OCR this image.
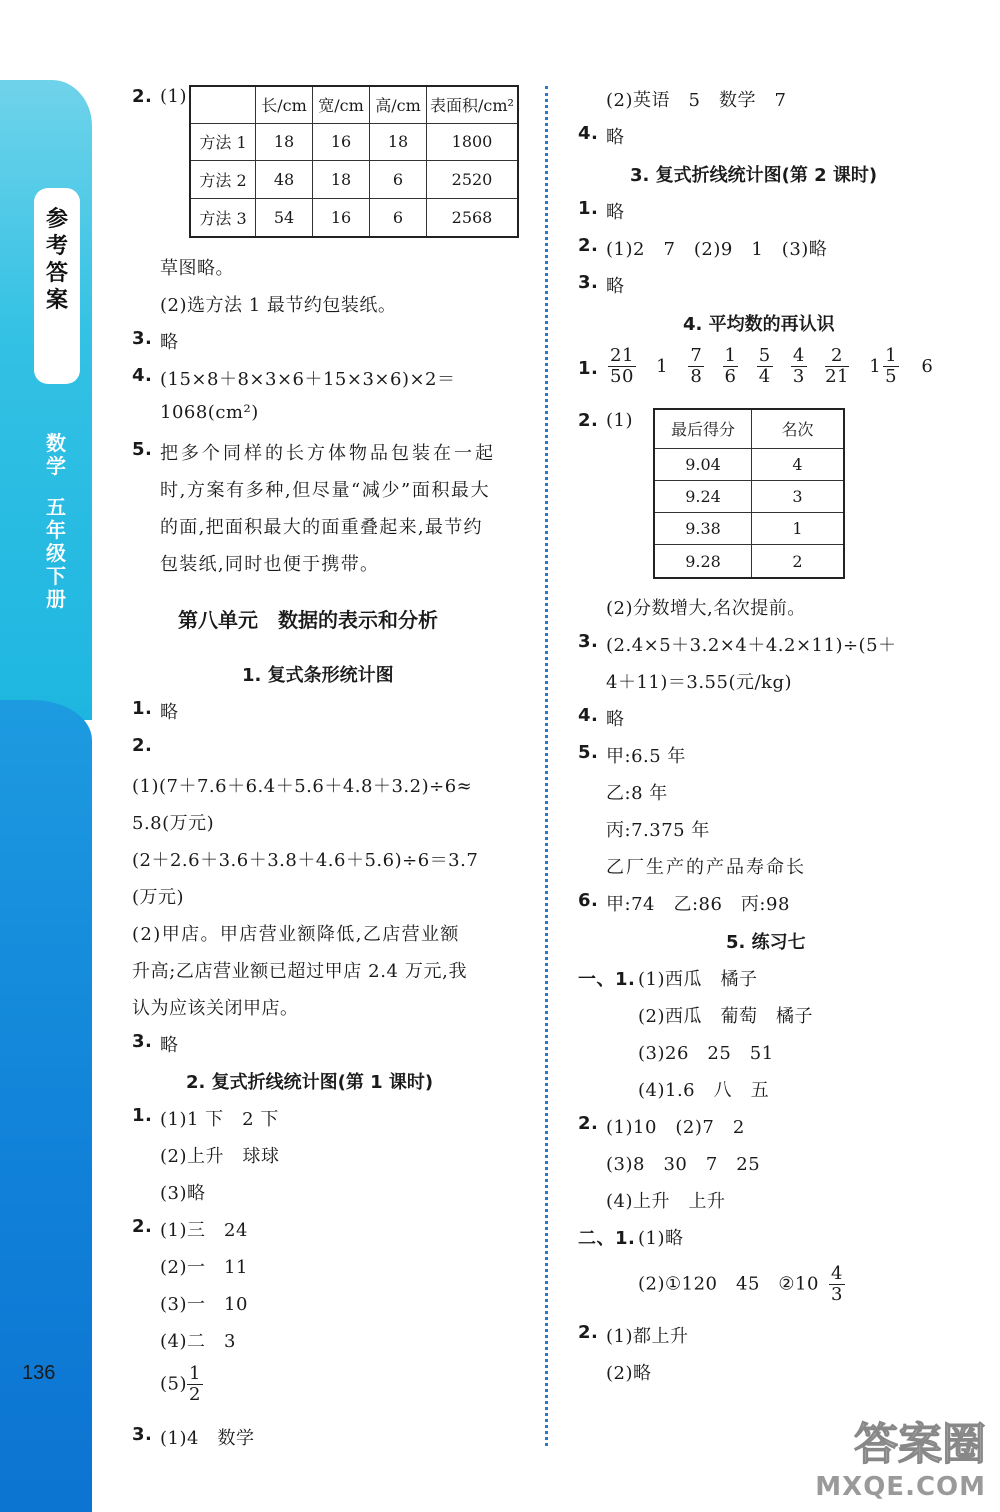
参
考
答
案
数
学
五
年
级
下
册
136
2. (1)
		长/cm	宽/cm	高/cm	表面积/cm²
方法 1	18	16	18	1800
方法 2	48	18	6	2520
方法 3	54	16	6	2568
草图略。
(2)选方法 1 最节约包装纸。
3. 略
4. (15×8＋8×3×6＋15×3×6)×2＝
1068(cm²)
5. 把多个同样的长方体物品包装在一起
时,方案有多种,但尽量“减少”面积最大
的面,把面积最大的面重叠起来,最节约
包装纸,同时也便于携带。
第八单元　数据的表示和分析
1. 复式条形统计图
1. 略
2.
(1)(7＋7.6＋6.4＋5.6＋4.8＋3.2)÷6≈
5.8(万元)
(2＋2.6＋3.6＋3.8＋4.6＋5.6)÷6＝3.7
(万元)
(2)甲店。甲店营业额降低,乙店营业额
升高;乙店营业额已超过甲店 2.4 万元,我
认为应该关闭甲店。
3. 略
2. 复式折线统计图(第 1 课时)
1. (1)1 下　2 下
(2)上升　球球
(3)略
2. (1)三　24
(2)一　11
(3)一　10
(4)二　3
$(5) \frac{1}{2}$
3. (1)4　数学
(2)英语　5　数学　7
4. 略
3. 复式折线统计图(第 2 课时)
1. 略
2. (1)2　7　(2)9　1　(3)略
3. 略
4. 平均数的再认识
1. $\frac{21}{50} 1 \frac{7}{8}$
$\frac{1}{6}$
$\frac{5}{4}$
$\frac{4}{3}$
$\frac{2}{21} 1 \frac{1}{5} 6$
2. (1) 最后得分	名次
9.04	4
9.24	3
9.38	1
9.28	2
(2)分数增大,名次提前。
3. (2.4×5＋3.2×4＋4.2×11)÷(5＋
4＋11)＝3.55(元/kg)
4. 略
5. 甲:6.5 年
乙:8 年
丙:7.375 年
乙厂生产的产品寿命长
6. 甲:74　乙:86　丙:98
5. 练习七
一、1. (1)西瓜　橘子
(2)西瓜　葡萄　橘子
(3)26　25　51
(4)1.6　八　五
2. (1)10　(2)7　2
(3)8　30　7　25
(4)上升　上升
二、1. (1)略
(2)①120　45　②10 $\frac{4}{3}$
2. (1)都上升
(2)略
答案圈
MXQE.COM
